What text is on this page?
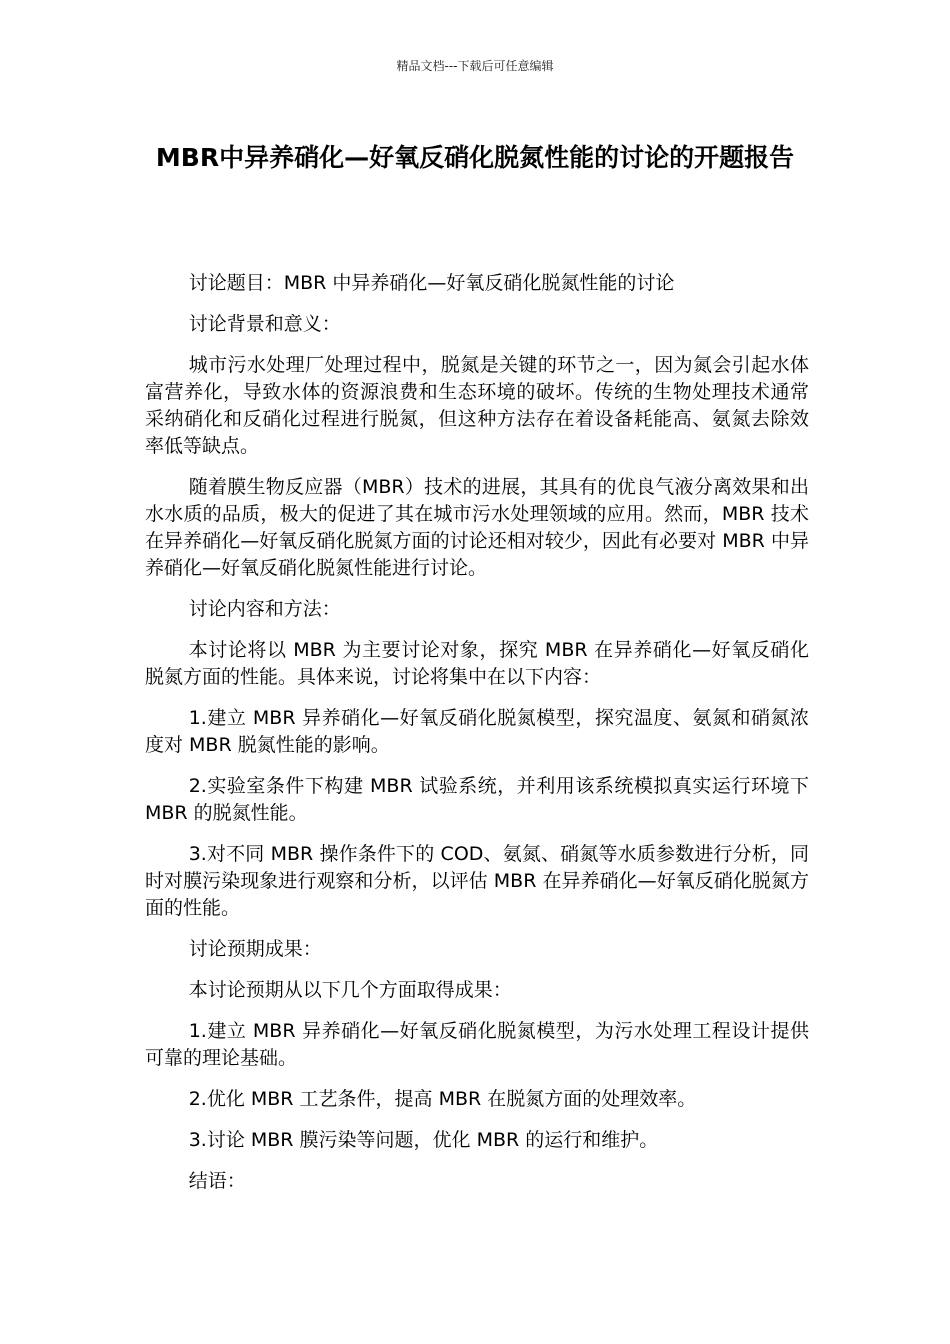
精品文档---下载后可任意编辑
MBR中异养硝化—好氧反硝化脱氮性能的讨论的开题报告

讨论题目：MBR 中异养硝化—好氧反硝化脱氮性能的讨论

讨论背景和意义：

城市污水处理厂处理过程中，脱氮是关键的环节之一，因为氮会引起水体富营养化，导致水体的资源浪费和生态环境的破坏。传统的生物处理技术通常采纳硝化和反硝化过程进行脱氮，但这种方法存在着设备耗能高、氨氮去除效率低等缺点。

随着膜生物反应器（MBR）技术的进展，其具有的优良气液分离效果和出水水质的品质，极大的促进了其在城市污水处理领域的应用。然而，MBR 技术在异养硝化—好氧反硝化脱氮方面的讨论还相对较少，因此有必要对 MBR 中异养硝化—好氧反硝化脱氮性能进行讨论。

讨论内容和方法：

本讨论将以 MBR 为主要讨论对象，探究 MBR 在异养硝化—好氧反硝化脱氮方面的性能。具体来说，讨论将集中在以下内容：

1.建立 MBR 异养硝化—好氧反硝化脱氮模型，探究温度、氨氮和硝氮浓度对 MBR 脱氮性能的影响。

2.实验室条件下构建 MBR 试验系统，并利用该系统模拟真实运行环境下 MBR 的脱氮性能。

3.对不同 MBR 操作条件下的 COD、氨氮、硝氮等水质参数进行分析，同时对膜污染现象进行观察和分析，以评估 MBR 在异养硝化—好氧反硝化脱氮方面的性能。

讨论预期成果：

本讨论预期从以下几个方面取得成果：

1.建立 MBR 异养硝化—好氧反硝化脱氮模型，为污水处理工程设计提供可靠的理论基础。

2.优化 MBR 工艺条件，提高 MBR 在脱氮方面的处理效率。

3.讨论 MBR 膜污染等问题，优化 MBR 的运行和维护。

结语：
